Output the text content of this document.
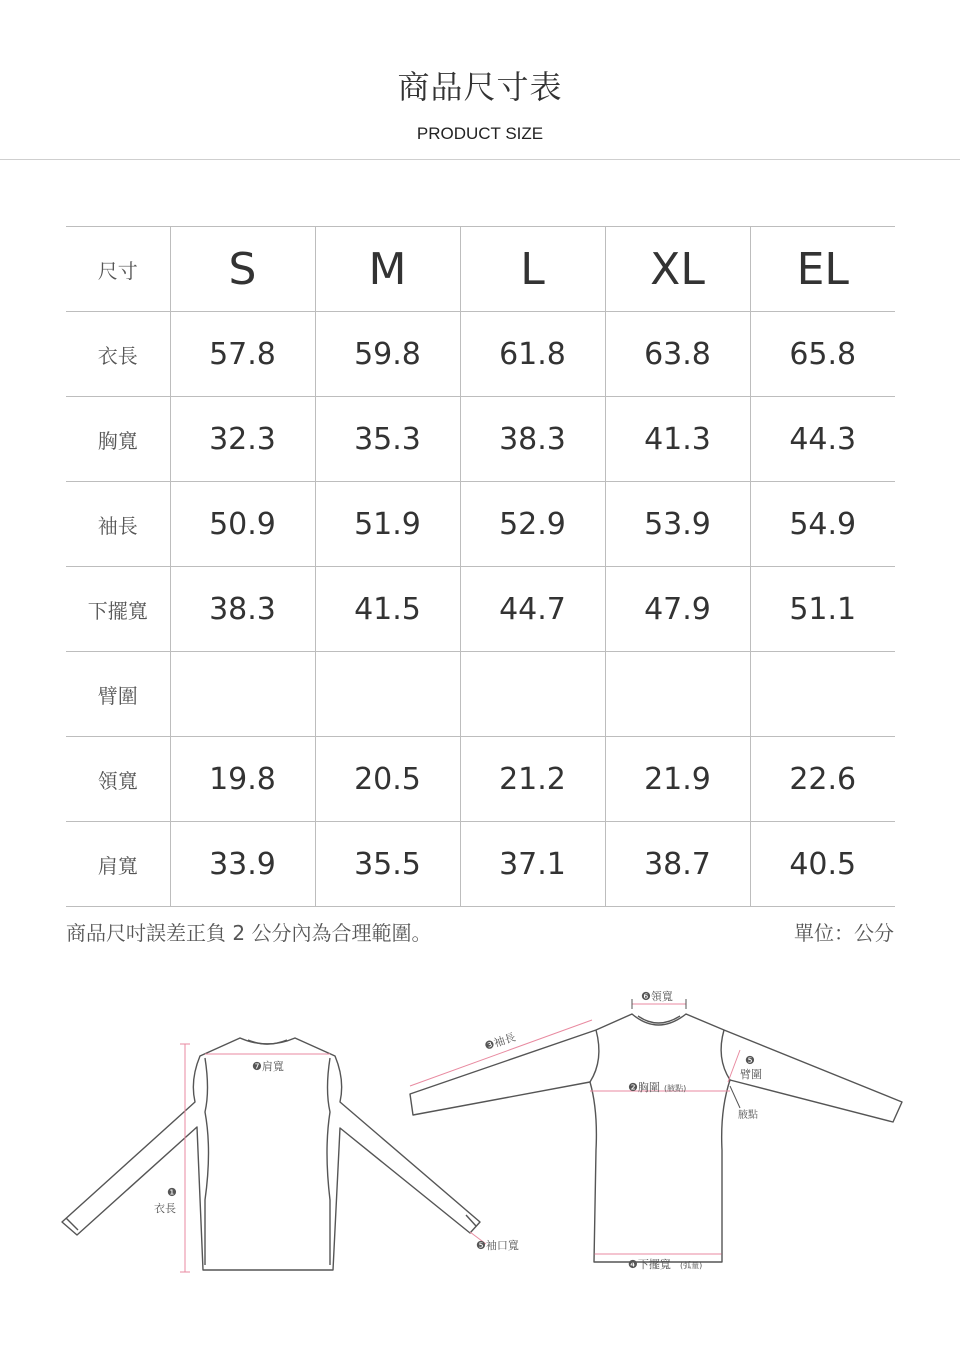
商品尺寸表
PRODUCT SIZE
尺寸	S	M	L	XL	EL
衣長	57.8	59.8	61.8	63.8	65.8
胸寬	32.3	35.3	38.3	41.3	44.3
袖長	50.9	51.9	52.9	53.9	54.9
下擺寬	38.3	41.5	44.7	47.9	51.1
臂圍					
領寬	19.8	20.5	21.2	21.9	22.6
肩寬	33.9	35.5	37.1	38.7	40.5
商品尺吋誤差正負 2 公分內為合理範圍。	單位：公分
❶
衣長
❼肩寬
❸袖長
❺袖口寬
❻領寬
❷胸圍 (腋點)
❺
臂圍
腋點
❹下擺寬 (弧量)
